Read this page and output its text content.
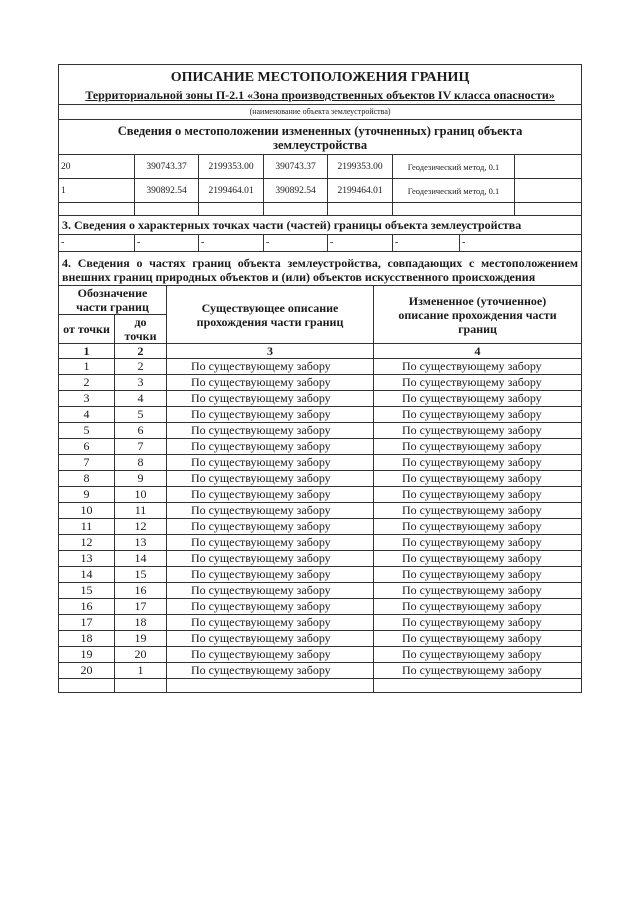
ОПИСАНИЕ МЕСТОПОЛОЖЕНИЯ ГРАНИЦ
Территориальной зоны П-2.1 «Зона производственных объектов IV класса опасности»							

(наименование объекта землеустройства)							
Сведения о местоположении измененных (уточненных) границ объекта землеустройства							
20	390743.37	2199353.00	390743.37	2199353.00	Геодезический метод, 0.1		
1	390892.54	2199464.01	390892.54	2199464.01	Геодезический метод, 0.1		

3. Сведения о характерных точках части (частей) границы объекта землеустройства							
-	-	-	-	-	-	-	
4. Сведения о частях границ объекта землеустройства, совпадающих с местоположением внешних границ природных объектов и (или) объектов искусственного происхождения							
Обозначение части границ		Существующее описание прохождения части границ	Измененное (уточненное) описание прохождения части границ
от точки	до точки		
1	2	3	4
1	2	По существующему забору	По существующему забору
2	3	По существующему забору	По существующему забору
3	4	По существующему забору	По существующему забору
4	5	По существующему забору	По существующему забору
5	6	По существующему забору	По существующему забору
6	7	По существующему забору	По существующему забору
7	8	По существующему забору	По существующему забору
8	9	По существующему забору	По существующему забору
9	10	По существующему забору	По существующему забору
10	11	По существующему забору	По существующему забору
11	12	По существующему забору	По существующему забору
12	13	По существующему забору	По существующему забору
13	14	По существующему забору	По существующему забору
14	15	По существующему забору	По существующему забору
15	16	По существующему забору	По существующему забору
16	17	По существующему забору	По существующему забору
17	18	По существующему забору	По существующему забору
18	19	По существующему забору	По существующему забору
19	20	По существующему забору	По существующему забору
20	1	По существующему забору	По существующему забору
